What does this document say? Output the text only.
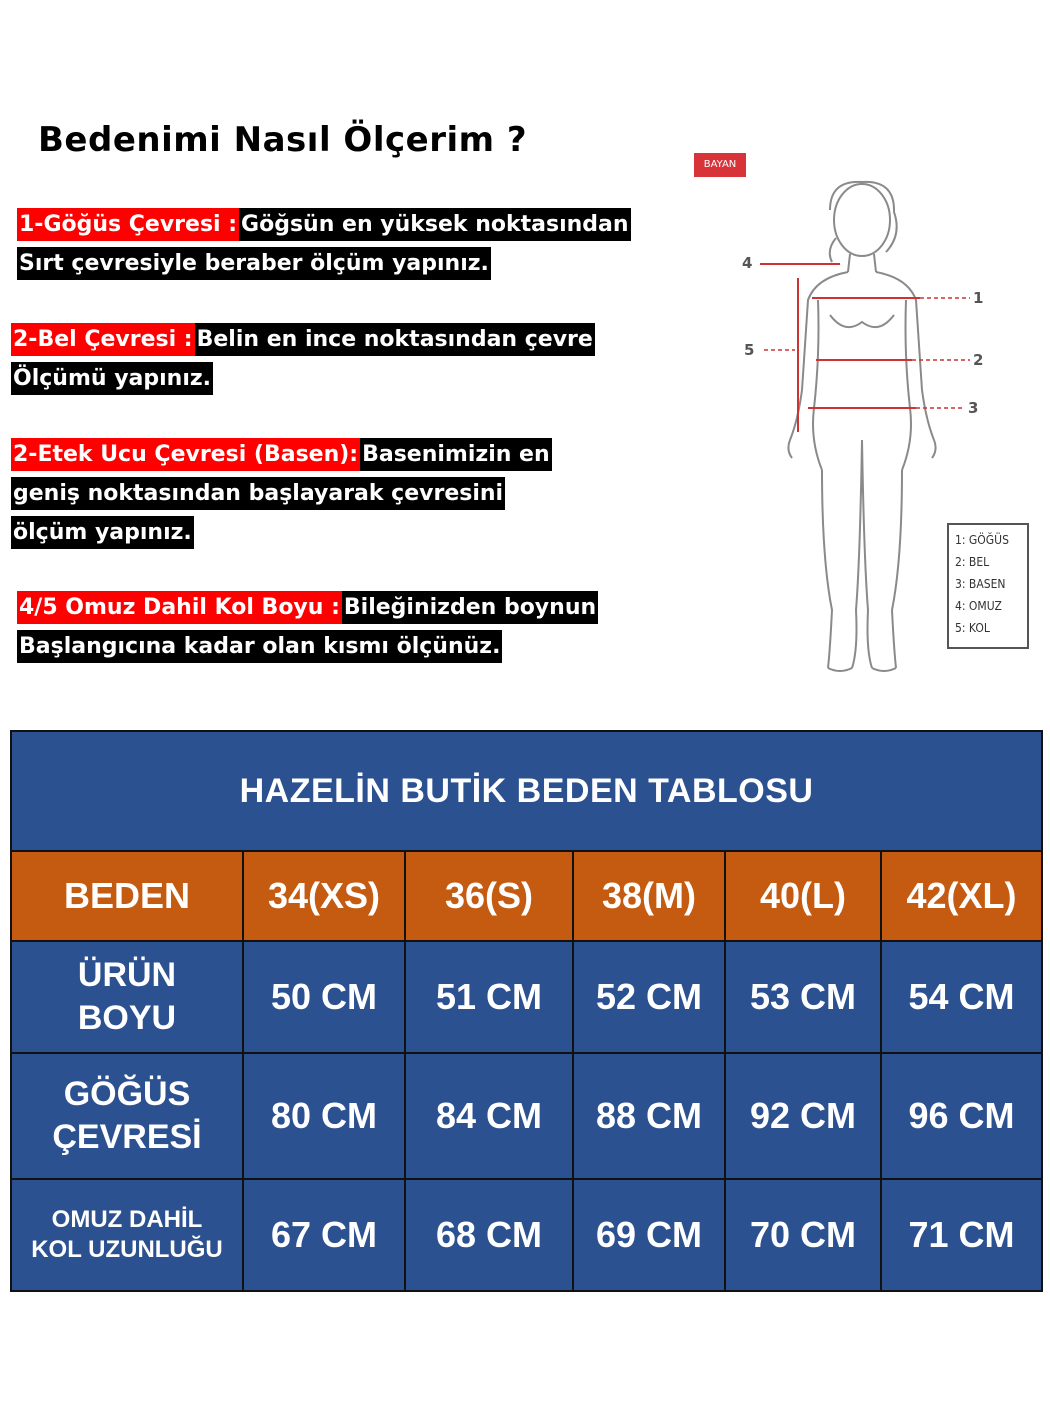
Bedenimi Nasıl Ölçerim ?
1-Göğüs Çevresi : Göğsün en yüksek noktasından
Sırt çevresiyle beraber ölçüm yapınız.
2-Bel Çevresi : Belin en ince noktasından çevre
Ölçümü yapınız.
2-Etek Ucu Çevresi (Basen): Basenimizin en
geniş noktasından başlayarak çevresini
ölçüm yapınız.
4/5 Omuz Dahil Kol Boyu : Bileğinizden boynun
Başlangıcına kadar olan kısmı ölçünüz.
BAYAN
1
2
3
4
5
1: GÖĞÜS
2: BEL
3: BASEN
4: OMUZ
5: KOL
HAZELİN BUTİK BEDEN TABLOSU					
BEDEN	34(XS)	36(S)	38(M)	40(L)	42(XL)

ÜRÜN
BOYU	50 CM	51 CM	52 CM	53 CM	54 CM

GÖĞÜS
ÇEVRESİ	80 CM	84 CM	88 CM	92 CM	96 CM

OMUZ DAHİL
KOL UZUNLUĞU	67 CM	68 CM	69 CM	70 CM	71 CM
